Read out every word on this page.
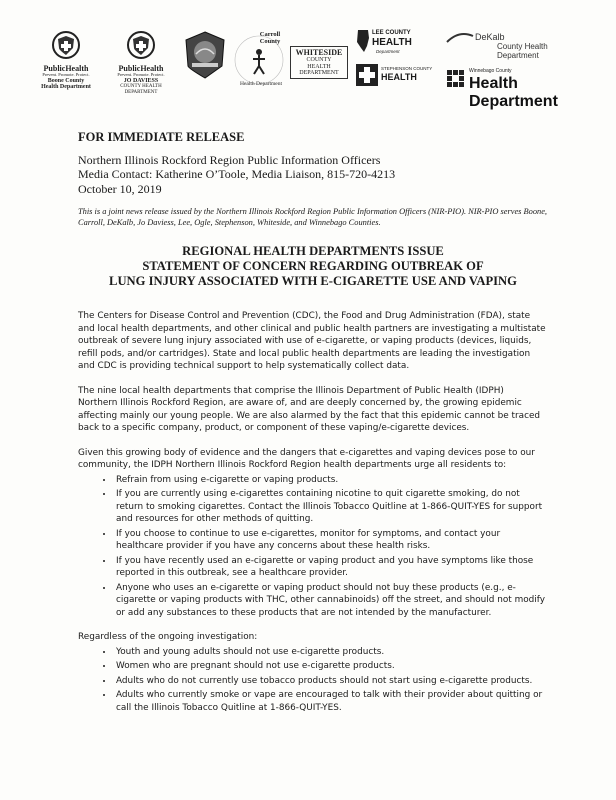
PublicHealth
Prevent. Promote. Protect.
Boone County
Health Department
PublicHealth
Prevent. Promote. Protect.
JO DAVIESS
COUNTY HEALTH DEPARTMENT
Carroll County
Health Department
WHITESIDE
COUNTY
HEALTH
DEPARTMENT
LEE COUNTY
HEALTH
Department
STEPHENSON COUNTY
HEALTH
DeKalb
County Health Department
Winnebago County
Health Department
FOR IMMEDIATE RELEASE
Northern Illinois Rockford Region Public Information Officers
Media Contact: Katherine O’Toole, Media Liaison, 815-720-4213
October 10, 2019
This is a joint news release issued by the Northern Illinois Rockford Region Public Information Officers (NIR-PIO). NIR-PIO serves Boone, Carroll, DeKalb, Jo Daviess, Lee, Ogle, Stephenson, Whiteside, and Winnebago Counties.
REGIONAL HEALTH DEPARTMENTS ISSUE
STATEMENT OF CONCERN REGARDING OUTBREAK OF
LUNG INJURY ASSOCIATED WITH E-CIGARETTE USE AND VAPING

The Centers for Disease Control and Prevention (CDC), the Food and Drug Administration (FDA), state and local health departments, and other clinical and public health partners are investigating a multistate outbreak of severe lung injury associated with use of e-cigarette, or vaping products (devices, liquids, refill pods, and/or cartridges). State and local public health departments are leading the investigation and CDC is providing technical support to help systematically collect data.

The nine local health departments that comprise the Illinois Department of Public Health (IDPH) Northern Illinois Rockford Region, are aware of, and are deeply concerned by, the growing epidemic affecting mainly our young people. We are also alarmed by the fact that this epidemic cannot be traced back to a specific company, product, or component of these vaping/e-cigarette devices.

Given this growing body of evidence and the dangers that e-cigarettes and vaping devices pose to our community, the IDPH Northern Illinois Rockford Region health departments urge all residents to:

• Refrain from using e-cigarette or vaping products.
• If you are currently using e-cigarettes containing nicotine to quit cigarette smoking, do not return to smoking cigarettes. Contact the Illinois Tobacco Quitline at 1-866-QUIT-YES for support and resources for other methods of quitting.
• If you choose to continue to use e-cigarettes, monitor for symptoms, and contact your healthcare provider if you have any concerns about these health risks.
• If you have recently used an e-cigarette or vaping product and you have symptoms like those reported in this outbreak, see a healthcare provider.
• Anyone who uses an e-cigarette or vaping product should not buy these products (e.g., e-cigarette or vaping products with THC, other cannabinoids) off the street, and should not modify or add any substances to these products that are not intended by the manufacturer.

Regardless of the ongoing investigation:

• Youth and young adults should not use e-cigarette products.
• Women who are pregnant should not use e-cigarette products.
• Adults who do not currently use tobacco products should not start using e-cigarette products.
• Adults who currently smoke or vape are encouraged to talk with their provider about quitting or call the Illinois Tobacco Quitline at 1-866-QUIT-YES.
